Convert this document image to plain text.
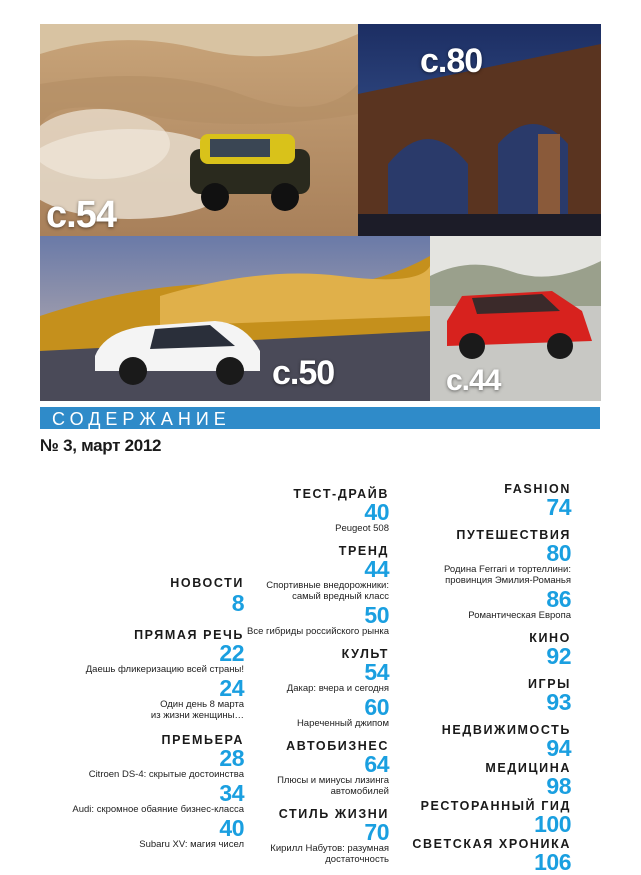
с.54
с.80
с.50	с.44
СОДЕРЖАНИЕ
№ 3, март 2012
НОВОСТИ
8
ПРЯМАЯ РЕЧЬ
22
Даешь фликеризацию всей страны!
24
Один день 8 марта
из жизни женщины…
ПРЕМЬЕРА
28
Citroen DS-4: скрытые достоинства
34
Audi: скромное обаяние бизнес-класса
40
Subaru XV: магия чисел
ТЕСТ-ДРАЙВ
40
Peugeot 508
ТРЕНД
44
Спортивные внедорожники:
самый вредный класс
50
Все гибриды российского рынка
КУЛЬТ
54
Дакар: вчера и сегодня
60
Нареченный джипом
АВТОБИЗНЕС
64
Плюсы и минусы лизинга
автомобилей
СТИЛЬ ЖИЗНИ
70
Кирилл Набутов: разумная
достаточность
FASHION
74
ПУТЕШЕСТВИЯ
80
Родина Ferrari и тортеллини:
провинция Эмилия-Романья
86
Романтическая Европа
КИНО
92
ИГРЫ
93
НЕДВИЖИМОСТЬ
94
МЕДИЦИНА
98
РЕСТОРАННЫЙ ГИД
100
СВЕТСКАЯ ХРОНИКА
106
